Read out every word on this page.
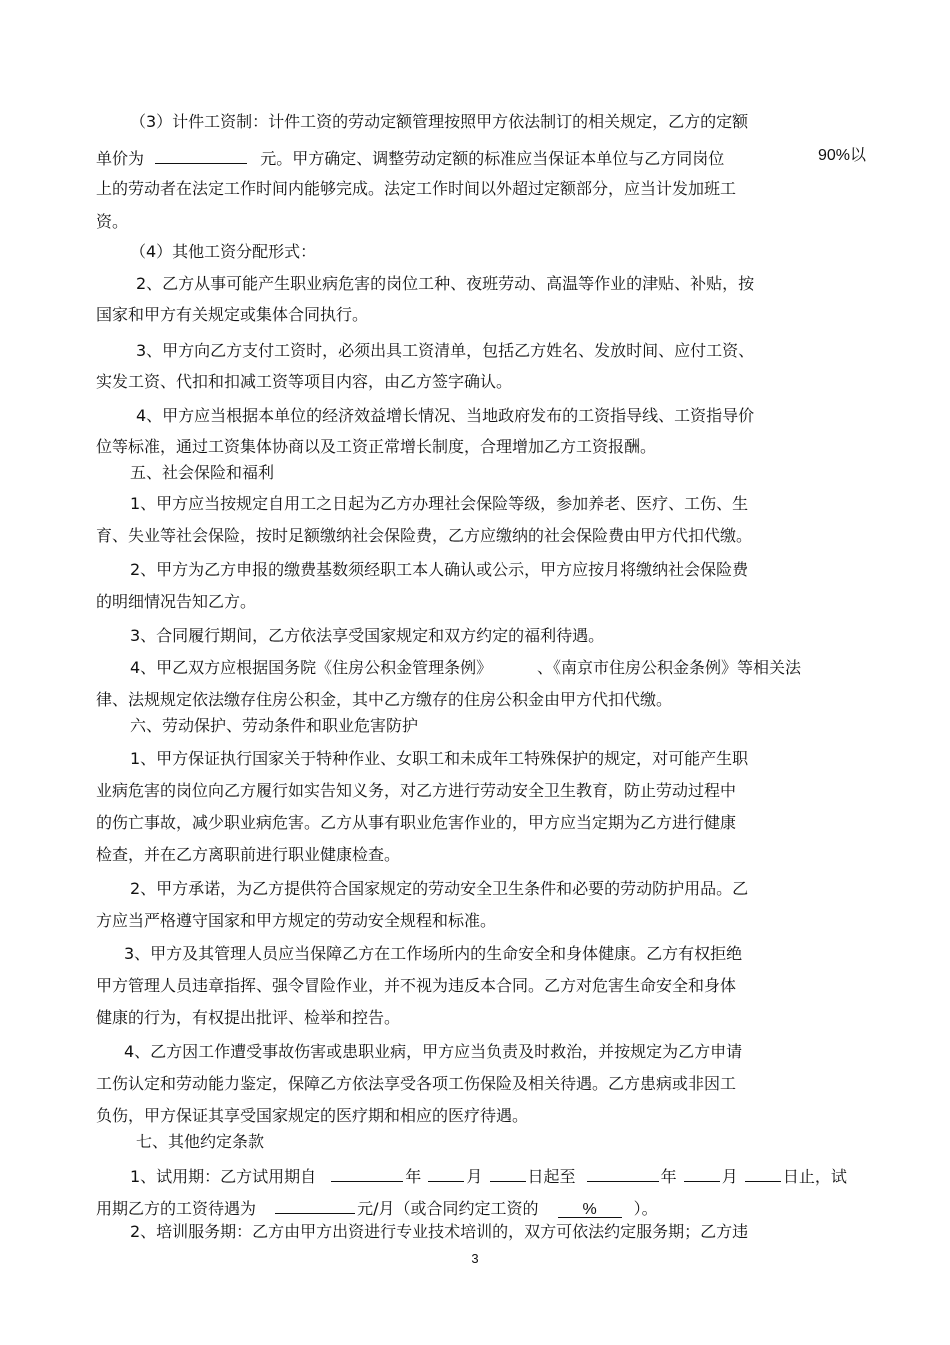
（3）计件工资制：计件工资的劳动定额管理按照甲方依法制订的相关规定，乙方的定额
单价为	元。甲方确定、调整劳动定额的标准应当保证本单位与乙方同岗位	90%以
上的劳动者在法定工作时间内能够完成。法定工作时间以外超过定额部分，应当计发加班工
资。
（4）其他工资分配形式：
2、乙方从事可能产生职业病危害的岗位工种、夜班劳动、高温等作业的津贴、补贴，按
国家和甲方有关规定或集体合同执行。
3、甲方向乙方支付工资时，必须出具工资清单，包括乙方姓名、发放时间、应付工资、
实发工资、代扣和扣减工资等项目内容，由乙方签字确认。
4、甲方应当根据本单位的经济效益增长情况、当地政府发布的工资指导线、工资指导价
位等标准，通过工资集体协商以及工资正常增长制度，合理增加乙方工资报酬。
五、社会保险和福利
1、甲方应当按规定自用工之日起为乙方办理社会保险等级，参加养老、医疗、工伤、生
育、失业等社会保险，按时足额缴纳社会保险费，乙方应缴纳的社会保险费由甲方代扣代缴。
2、甲方为乙方申报的缴费基数须经职工本人确认或公示，甲方应按月将缴纳社会保险费
的明细情况告知乙方。
3、合同履行期间，乙方依法享受国家规定和双方约定的福利待遇。
4、甲乙双方应根据国务院《住房公积金管理条例》	、《南京市住房公积金条例》等相关法
律、法规规定依法缴存住房公积金，其中乙方缴存的住房公积金由甲方代扣代缴。
六、劳动保护、劳动条件和职业危害防护
1、甲方保证执行国家关于特种作业、女职工和未成年工特殊保护的规定，对可能产生职
业病危害的岗位向乙方履行如实告知义务，对乙方进行劳动安全卫生教育，防止劳动过程中
的伤亡事故，减少职业病危害。乙方从事有职业危害作业的，甲方应当定期为乙方进行健康
检查，并在乙方离职前进行职业健康检查。
2、甲方承诺，为乙方提供符合国家规定的劳动安全卫生条件和必要的劳动防护用品。乙
方应当严格遵守国家和甲方规定的劳动安全规程和标准。
3、甲方及其管理人员应当保障乙方在工作场所内的生命安全和身体健康。乙方有权拒绝
甲方管理人员违章指挥、强令冒险作业，并不视为违反本合同。乙方对危害生命安全和身体
健康的行为，有权提出批评、检举和控告。
4、乙方因工作遭受事故伤害或患职业病，甲方应当负责及时救治，并按规定为乙方申请
工伤认定和劳动能力鉴定，保障乙方依法享受各项工伤保险及相关待遇。乙方患病或非因工
负伤，甲方保证其享受国家规定的医疗期和相应的医疗待遇。
七、其他约定条款
1、试用期：乙方试用期自	年	月	日起至	年	月	日止，试
用期乙方的工资待遇为	元/月（或合同约定工资的	% ）。
2、培训服务期：乙方由甲方出资进行专业技术培训的，双方可依法约定服务期；乙方违
3
